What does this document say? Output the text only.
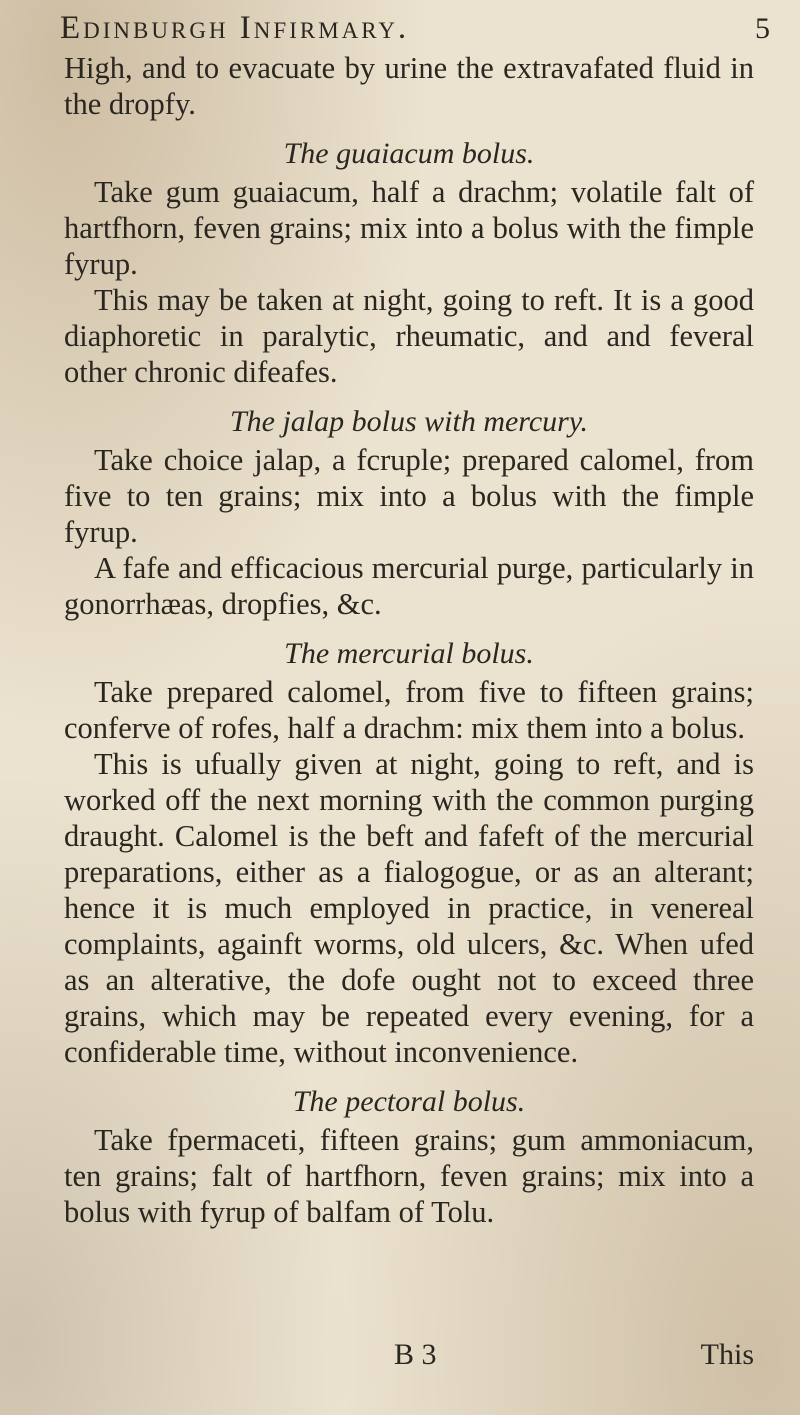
Edinburgh Infirmary.	5

High, and to evacuate by urine the extravafated fluid in the dropfy.

The guaiacum bolus.

Take gum guaiacum, half a drachm; volatile falt of hartfhorn, feven grains; mix into a bolus with the fimple fyrup.

This may be taken at night, going to reft. It is a good diaphoretic in paralytic, rheumatic, and and feveral other chronic difeafes.

The jalap bolus with mercury.

Take choice jalap, a fcruple; prepared calomel, from five to ten grains; mix into a bolus with the fimple fyrup.

A fafe and efficacious mercurial purge, particularly in gonorrhæas, dropfies, &c.

The mercurial bolus.

Take prepared calomel, from five to fifteen grains; conferve of rofes, half a drachm: mix them into a bolus.

This is ufually given at night, going to reft, and is worked off the next morning with the common purging draught. Calomel is the beft and fafeft of the mercurial preparations, either as a fialogogue, or as an alterant; hence it is much employed in practice, in venereal complaints, againft worms, old ulcers, &c. When ufed as an alterative, the dofe ought not to exceed three grains, which may be repeated every evening, for a confiderable time, without inconvenience.

The pectoral bolus.

Take fpermaceti, fifteen grains; gum ammoniacum, ten grains; falt of hartfhorn, feven grains; mix into a bolus with fyrup of balfam of Tolu.

B 3	This
